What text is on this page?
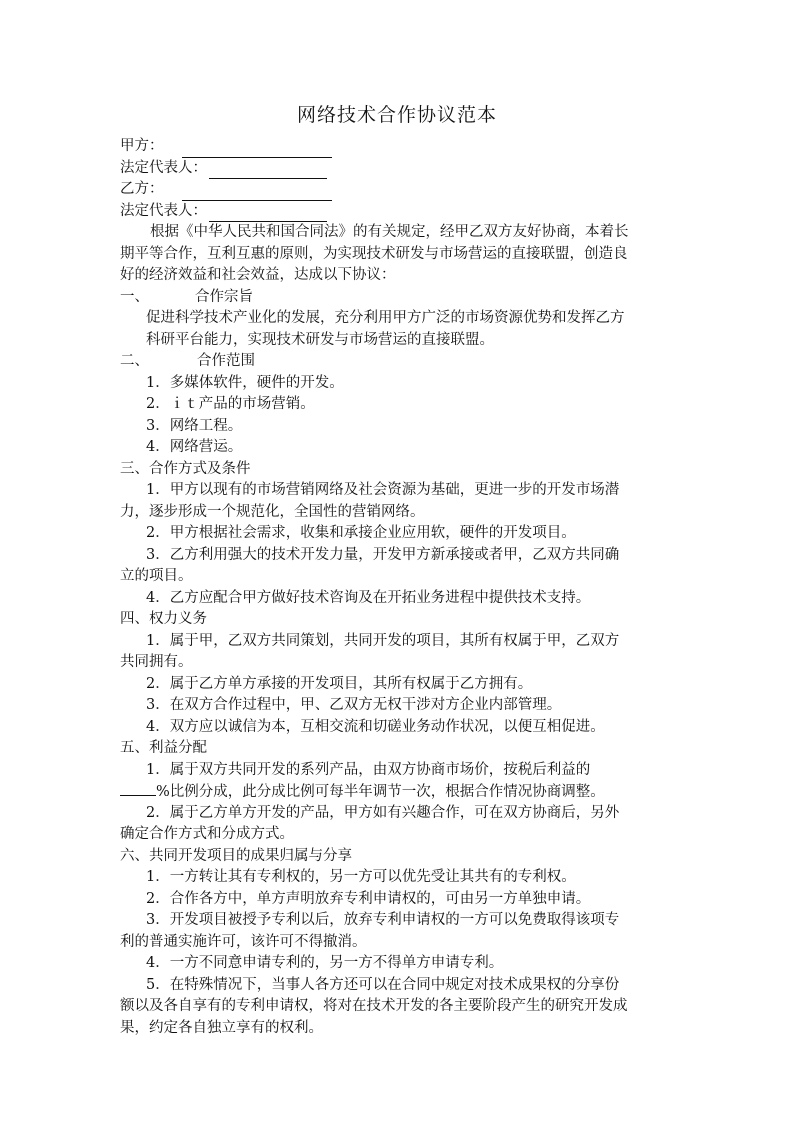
网络技术合作协议范本
甲方：
法定代表人：
乙方：
法定代表人：
根据《中华人民共和国合同法》的有关规定，经甲乙双方友好协商，本着长
期平等合作，互利互惠的原则，为实现技术研发与市场营运的直接联盟，创造良
好的经济效益和社会效益，达成以下协议：
一、	合作宗旨
促进科学技术产业化的发展，充分利用甲方广泛的市场资源优势和发挥乙方
科研平台能力，实现技术研发与市场营运的直接联盟。
二、	合作范围
1．多媒体软件，硬件的开发。
2．ｉｔ产品的市场营销。
3．网络工程。
4．网络营运。
三、合作方式及条件
1．甲方以现有的市场营销网络及社会资源为基础，更进一步的开发市场潜
力，逐步形成一个规范化，全国性的营销网络。
2．甲方根据社会需求，收集和承接企业应用软，硬件的开发项目。
3．乙方利用强大的技术开发力量，开发甲方新承接或者甲，乙双方共同确
立的项目。
4．乙方应配合甲方做好技术咨询及在开拓业务进程中提供技术支持。
四、权力义务
1．属于甲，乙双方共同策划，共同开发的项目，其所有权属于甲，乙双方
共同拥有。
2．属于乙方单方承接的开发项目，其所有权属于乙方拥有。
3．在双方合作过程中，甲、乙双方无权干涉对方企业内部管理。
4．双方应以诚信为本，互相交流和切磋业务动作状况，以便互相促进。
五、利益分配
1．属于双方共同开发的系列产品，由双方协商市场价，按税后利益的
%比例分成，此分成比例可每半年调节一次，根据合作情况协商调整。
2．属于乙方单方开发的产品，甲方如有兴趣合作，可在双方协商后，另外
确定合作方式和分成方式。
六、共同开发项目的成果归属与分享
1．一方转让其有专利权的，另一方可以优先受让其共有的专利权。
2．合作各方中，单方声明放弃专利申请权的，可由另一方单独申请。
3．开发项目被授予专利以后，放弃专利申请权的一方可以免费取得该项专
利的普通实施许可，该许可不得撤消。
4．一方不同意申请专利的，另一方不得单方申请专利。
5．在特殊情况下，当事人各方还可以在合同中规定对技术成果权的分享份
额以及各自享有的专利申请权，将对在技术开发的各主要阶段产生的研究开发成
果，约定各自独立享有的权利。
